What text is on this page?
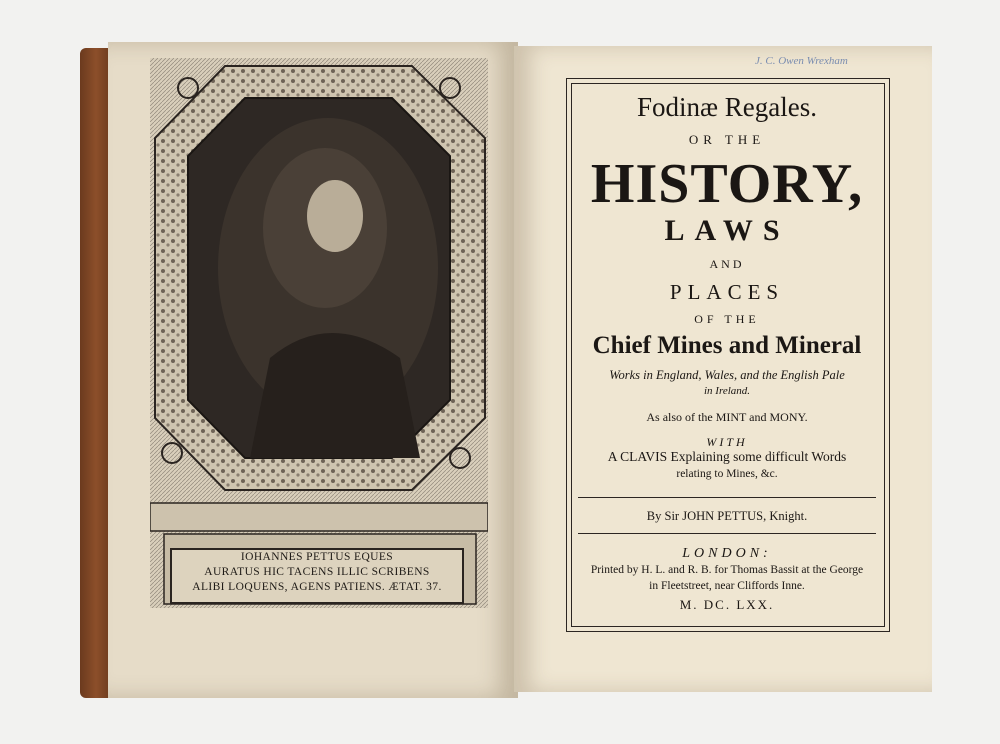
IOHANNES PETTUS EQUES
AURATUS HIC TACENS ILLIC SCRIBENS
ALIBI LOQUENS, AGENS PATIENS. ÆTAT. 37.
J. C. Owen Wrexham
Fodinæ Regales.
OR THE
HISTORY,
LAWS
AND
PLACES
OF THE
Chief Mines and Mineral
Works in England, Wales, and the English Pale
in Ireland.
As also of the MINT and MONY.
WITH
A CLAVIS Explaining some difficult Words
relating to Mines, &c.
By Sir JOHN PETTUS, Knight.
LONDON:
Printed by H. L. and R. B. for Thomas Bassit at the George
in Fleetstreet, near Cliffords Inne.
M. DC. LXX.
